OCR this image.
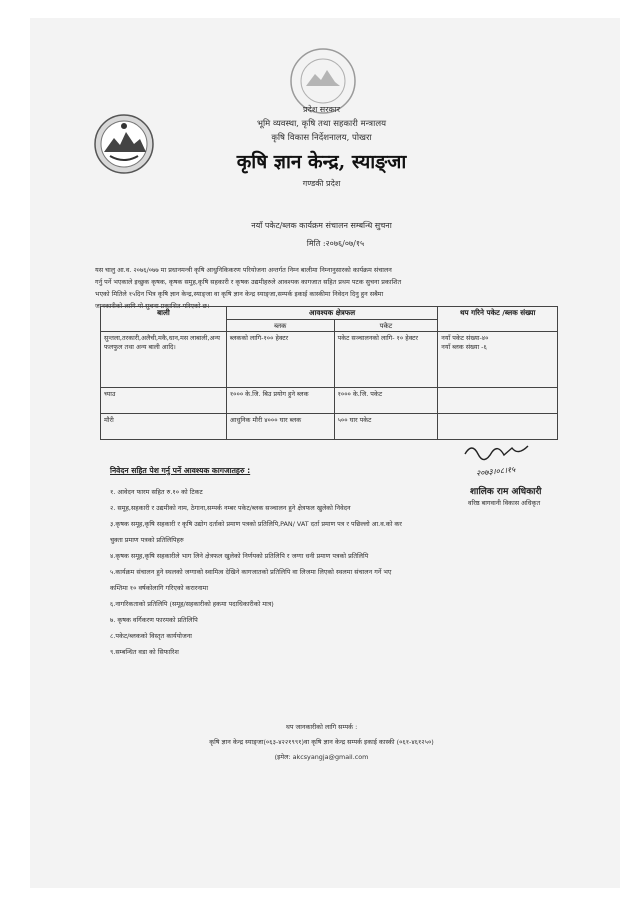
प्रदेश सरकार
भूमि व्यवस्था, कृषि तथा सहकारी मन्त्रालय
कृषि विकास निर्देशनालय, पोखरा
कृषि ज्ञान केन्द्र, स्याङ्जा
गण्डकी प्रदेश
नयाँ पकेट/ब्लक कार्यक्रम संचालन सम्बन्धि सुचना
मिति :२०७६/०७/१५
यस चालु आ.व. २०७६/०७७ मा प्रधानमन्त्री कृषि आधुनिकिकरण परियोजना अन्तर्गत निम्न बालीमा निम्नानुसारको कार्यक्रम संचालन
गर्नु पर्ने भएकाले इच्छुक कृषक, कृषक समुह,कृषि सहकारी र कृषक उद्यमीहरुले आवश्यक कागजात सहित प्रथम पटक सुचना प्रकाशित
भएको मितिले १५दिन भित्र कृषि ज्ञान केन्द्र,स्याङ्जा वा कृषि ज्ञान केन्द्र स्याङ्जा,सम्पर्क इकाई कास्कीमा निवेदन दिनु हुन सबैमा
जानकारीको लागि यो सुचना प्रकाशित गरिएको छ।
बाली	आवश्यक क्षेत्रफल		थप गरिने पकेट /ब्लक संख्या
	ब्लक	पकेट	
सुन्तला,तरकारी,अलैची,मकै,धान,मस लाबाली,अन्य फलफुल तथा अन्य बाली आदि।	ब्लकको लागि-१०० हेक्टर	पकेट सञ्चालनको लागि- १० हेक्टर	नयाँ पकेट संख्या-४०
नयाँ ब्लक संख्या -६
च्याउ	१००० के.जि. बिउ प्रयोग हुने ब्लक	१००० के.जि. पकेट	
मौरी	आधुनिक मौरी ४००० घार ब्लक	५०० घार पकेट	
२०७३।०८।१५
शालिक राम अधिकारी
वरिष्ठ बागवानी विकास अधिकृत
निवेदन सहित पेश गर्नु पर्ने आवश्यक कागजातहरु :
१. आवेदन फारम सहित रु.१० को टिकट
२. समूह,सहकारी र उद्यमीको नाम, ठेगाना,सम्पर्क नम्बर पकेट/ब्लक सञ्चालन हुने क्षेत्रफल खुलेको निवेदन
३.कृषक समूह,कृषि सहकारी र कृषि उद्योग दर्ताको प्रमाण पत्रको प्रतिलिपि,PAN/ VAT दर्ता प्रमाण पत्र र पछिल्लो आ.व.को कर
चुक्ता प्रमाण पत्रको प्रतिलिपिहरु
४.कृषक समूह,कृषि सहकारीले भाग लिने क्षेत्रफल खुलेको निर्णयको प्रतिलिपि र जग्गा धनी प्रमाण पत्रको प्रतिलिपि
५.कार्यक्रम संचालन हुने स्थलको जग्गाको स्वामित्व देखिने कागजातको प्रतिलिपि वा लिजमा लिएको स्थलमा संचालन गर्ने भए
कम्तिमा १० वर्षकोलागि गरिएको करारनामा
६.नागरिकताको प्रतिलिपि (समूह/सहकारीको हकमा पदाधिकारीको मात्र)
७. कृषक वर्गिकरण फारमको प्रतिलिपि
८.पकेट/ब्लकको विस्तृत कार्ययोजना
९.सम्बन्धित वडा को सिफारिश
थप जानकारीको लागि सम्पर्क :
कृषि ज्ञान केन्द्र स्याङ्जा(०६३-४२२१९९१)वा कृषि ज्ञान केन्द्र सम्पर्क इकाई कास्की (०६१-४६१२५०)
(इमेल: akcsyangja@gmail.com
